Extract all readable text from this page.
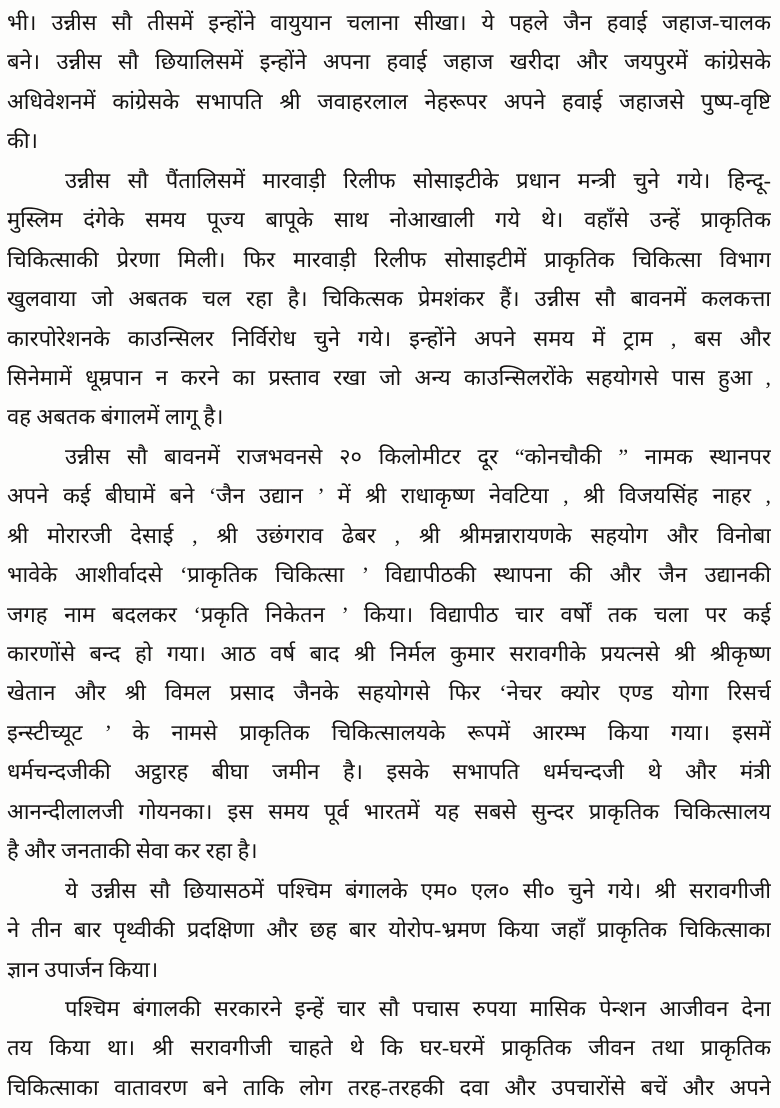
भी। उन्नीस सौ तीसमें इन्होंने वायुयान चलाना सीखा। ये पहले जैन हवाई जहाज-चालक
बने। उन्नीस सौ छियालिसमें इन्होंने अपना हवाई जहाज खरीदा और जयपुरमें कांग्रेसके
अधिवेशनमें कांग्रेसके सभापति श्री जवाहरलाल नेहरूपर अपने हवाई जहाजसे पुष्प-वृष्टि
की।
उन्नीस सौ पैंतालिसमें मारवाड़ी रिलीफ सोसाइटीके प्रधान मन्त्री चुने गये। हिन्दू-
मुस्लिम दंगेके समय पूज्य बापूके साथ नोआखाली गये थे। वहाँसे उन्हें प्राकृतिक
चिकित्साकी प्रेरणा मिली। फिर मारवाड़ी रिलीफ सोसाइटीमें प्राकृतिक चिकित्सा विभाग
खुलवाया जो अबतक चल रहा है। चिकित्सक प्रेमशंकर हैं। उन्नीस सौ बावनमें कलकत्ता
कारपोरेशनके काउन्सिलर निर्विरोध चुने गये। इन्होंने अपने समय में ट्राम , बस और
सिनेमामें धूम्रपान न करने का प्रस्ताव रखा जो अन्य काउन्सिलरोंके सहयोगसे पास हुआ ,
वह अबतक बंगालमें लागू है।
उन्नीस सौ बावनमें राजभवनसे २० किलोमीटर दूर “कोनचौकी ” नामक स्थानपर
अपने कई बीघामें बने ‘जैन उद्यान ’ में श्री राधाकृष्ण नेवटिया , श्री विजयसिंह नाहर ,
श्री मोरारजी देसाई , श्री उछंगराव ढेबर , श्री श्रीमन्नारायणके सहयोग और विनोबा
भावेके आशीर्वादसे ‘प्राकृतिक चिकित्सा ’ विद्यापीठकी स्थापना की और जैन उद्यानकी
जगह नाम बदलकर ‘प्रकृति निकेतन ’ किया। विद्यापीठ चार वर्षों तक चला पर कई
कारणोंसे बन्द हो गया। आठ वर्ष बाद श्री निर्मल कुमार सरावगीके प्रयत्नसे श्री श्रीकृष्ण
खेतान और श्री विमल प्रसाद जैनके सहयोगसे फिर ‘नेचर क्योर एण्ड योगा रिसर्च
इन्स्टीच्यूट ’ के नामसे प्राकृतिक चिकित्सालयके रूपमें आरम्भ किया गया। इसमें
धर्मचन्दजीकी अट्ठारह बीघा जमीन है। इसके सभापति धर्मचन्दजी थे और मंत्री
आनन्दीलालजी गोयनका। इस समय पूर्व भारतमें यह सबसे सुन्दर प्राकृतिक चिकित्सालय
है और जनताकी सेवा कर रहा है।
ये उन्नीस सौ छियासठमें पश्चिम बंगालके एम० एल० सी० चुने गये। श्री सरावगीजी
ने तीन बार पृथ्वीकी प्रदक्षिणा और छह बार योरोप-भ्रमण किया जहाँ प्राकृतिक चिकित्साका
ज्ञान उपार्जन किया।
पश्चिम बंगालकी सरकारने इन्हें चार सौ पचास रुपया मासिक पेन्शन आजीवन देना
तय किया था। श्री सरावगीजी चाहते थे कि घर-घरमें प्राकृतिक जीवन तथा प्राकृतिक
चिकित्साका वातावरण बने ताकि लोग तरह-तरहकी दवा और उपचारोंसे बचें और अपने
